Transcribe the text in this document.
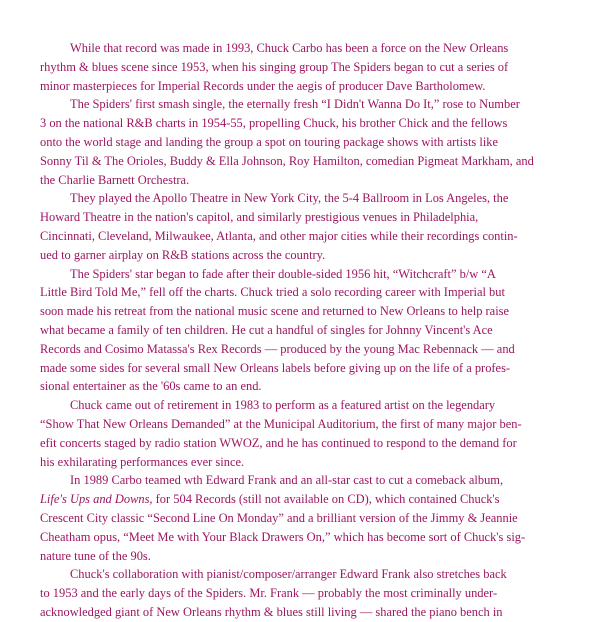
While that record was made in 1993, Chuck Carbo has been a force on the New Orleans
rhythm & blues scene since 1953, when his singing group The Spiders began to cut a series of
minor masterpieces for Imperial Records under the aegis of producer Dave Bartholomew.

The Spiders' first smash single, the eternally fresh “I Didn't Wanna Do It,” rose to Number
3 on the national R&B charts in 1954-55, propelling Chuck, his brother Chick and the fellows
onto the world stage and landing the group a spot on touring package shows with artists like
Sonny Til & The Orioles, Buddy & Ella Johnson, Roy Hamilton, comedian Pigmeat Markham, and
the Charlie Barnett Orchestra.

They played the Apollo Theatre in New York City, the 5-4 Ballroom in Los Angeles, the
Howard Theatre in the nation's capitol, and similarly prestigious venues in Philadelphia,
Cincinnati, Cleveland, Milwaukee, Atlanta, and other major cities while their recordings contin-
ued to garner airplay on R&B stations across the country.

The Spiders' star began to fade after their double-sided 1956 hit, “Witchcraft” b/w “A
Little Bird Told Me,” fell off the charts. Chuck tried a solo recording career with Imperial but
soon made his retreat from the national music scene and returned to New Orleans to help raise
what became a family of ten children. He cut a handful of singles for Johnny Vincent's Ace
Records and Cosimo Matassa's Rex Records — produced by the young Mac Rebennack — and
made some sides for several small New Orleans labels before giving up on the life of a profes-
sional entertainer as the '60s came to an end.

Chuck came out of retirement in 1983 to perform as a featured artist on the legendary
“Show That New Orleans Demanded” at the Municipal Auditorium, the first of many major ben-
efit concerts staged by radio station WWOZ, and he has continued to respond to the demand for
his exhilarating performances ever since.

In 1989 Carbo teamed wth Edward Frank and an all-star cast to cut a comeback album,
Life's Ups and Downs, for 504 Records (still not available on CD), which contained Chuck's
Crescent City classic “Second Line On Monday” and a brilliant version of the Jimmy & Jeannie
Cheatham opus, “Meet Me with Your Black Drawers On,” which has become sort of Chuck's sig-
nature tune of the 90s.

Chuck's collaboration with pianist/composer/arranger Edward Frank also stretches back
to 1953 and the early days of the Spiders. Mr. Frank — probably the most criminally under-
acknowledged giant of New Orleans rhythm & blues still living — shared the piano bench in
